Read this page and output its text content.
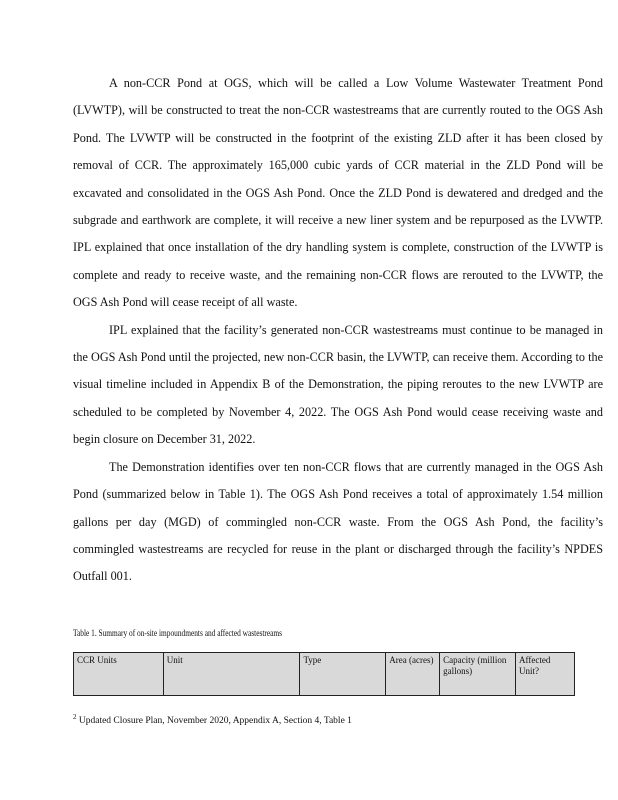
A non-CCR Pond at OGS, which will be called a Low Volume Wastewater Treatment Pond (LVWTP), will be constructed to treat the non-CCR wastestreams that are currently routed to the OGS Ash Pond. The LVWTP will be constructed in the footprint of the existing ZLD after it has been closed by removal of CCR. The approximately 165,000 cubic yards of CCR material in the ZLD Pond will be excavated and consolidated in the OGS Ash Pond. Once the ZLD Pond is dewatered and dredged and the subgrade and earthwork are complete, it will receive a new liner system and be repurposed as the LVWTP. IPL explained that once installation of the dry handling system is complete, construction of the LVWTP is complete and ready to receive waste, and the remaining non-CCR flows are rerouted to the LVWTP, the OGS Ash Pond will cease receipt of all waste.

IPL explained that the facility’s generated non-CCR wastestreams must continue to be managed in the OGS Ash Pond until the projected, new non-CCR basin, the LVWTP, can receive them. According to the visual timeline included in Appendix B of the Demonstration, the piping reroutes to the new LVWTP are scheduled to be completed by November 4, 2022. The OGS Ash Pond would cease receiving waste and begin closure on December 31, 2022.

The Demonstration identifies over ten non-CCR flows that are currently managed in the OGS Ash Pond (summarized below in Table 1). The OGS Ash Pond receives a total of approximately 1.54 million gallons per day (MGD) of commingled non-CCR waste. From the OGS Ash Pond, the facility’s commingled wastestreams are recycled for reuse in the plant or discharged through the facility’s NPDES Outfall 001.

Table 1. Summary of on-site impoundments and affected wastestreams
CCR Units	Unit	Type	Area (acres)	Capacity (million gallons)	Affected Unit?
$^2$ Updated Closure Plan, November 2020, Appendix A, Section 4, Table 1
